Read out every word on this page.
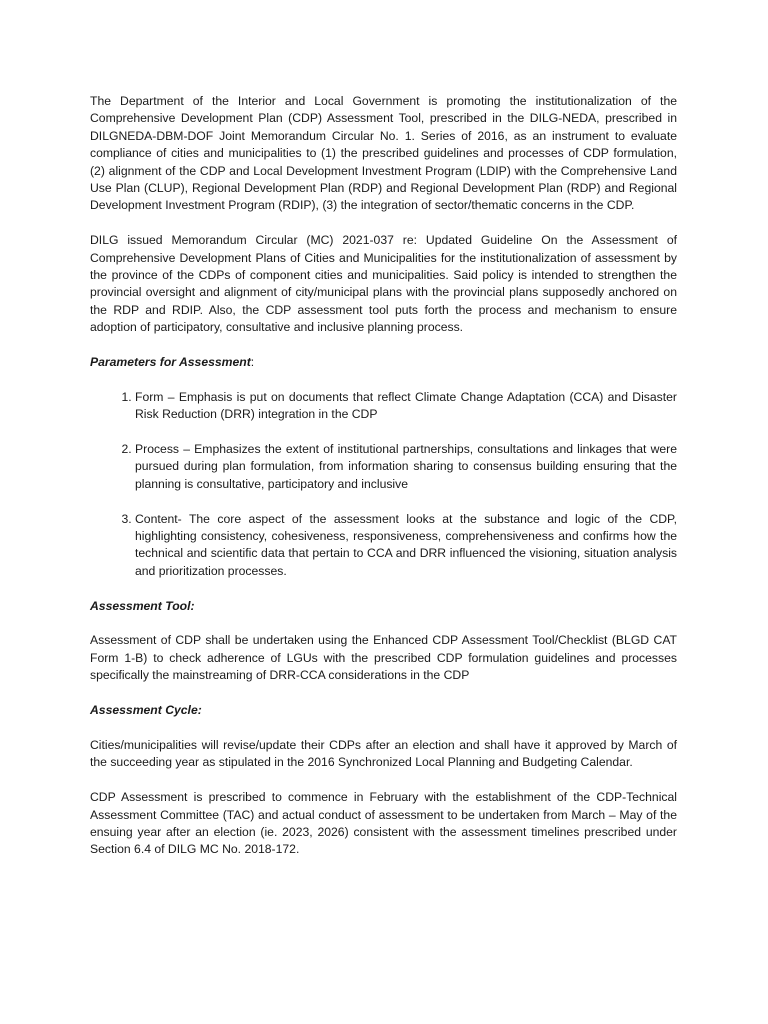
The Department of the Interior and Local Government is promoting the institutionalization of the Comprehensive Development Plan (CDP) Assessment Tool, prescribed in the DILG-NEDA, prescribed in DILGNEDA-DBM-DOF Joint Memorandum Circular No. 1. Series of 2016, as an instrument to evaluate compliance of cities and municipalities to (1) the prescribed guidelines and processes of CDP formulation, (2) alignment of the CDP and Local Development Investment Program (LDIP) with the Comprehensive Land Use Plan (CLUP), Regional Development Plan (RDP) and Regional Development Plan (RDP) and Regional Development Investment Program (RDIP), (3) the integration of sector/thematic concerns in the CDP.

DILG issued Memorandum Circular (MC) 2021-037 re: Updated Guideline On the Assessment of Comprehensive Development Plans of Cities and Municipalities for the institutionalization of assessment by the province of the CDPs of component cities and municipalities. Said policy is intended to strengthen the provincial oversight and alignment of city/municipal plans with the provincial plans supposedly anchored on the RDP and RDIP. Also, the CDP assessment tool puts forth the process and mechanism to ensure adoption of participatory, consultative and inclusive planning process.

Parameters for Assessment:
1. Form – Emphasis is put on documents that reflect Climate Change Adaptation (CCA) and Disaster Risk Reduction (DRR) integration in the CDP
2. Process – Emphasizes the extent of institutional partnerships, consultations and linkages that were pursued during plan formulation, from information sharing to consensus building ensuring that the planning is consultative, participatory and inclusive
3. Content- The core aspect of the assessment looks at the substance and logic of the CDP, highlighting consistency, cohesiveness, responsiveness, comprehensiveness and confirms how the technical and scientific data that pertain to CCA and DRR influenced the visioning, situation analysis and prioritization processes.
Assessment Tool:

Assessment of CDP shall be undertaken using the Enhanced CDP Assessment Tool/Checklist (BLGD CAT Form 1-B) to check adherence of LGUs with the prescribed CDP formulation guidelines and processes specifically the mainstreaming of DRR-CCA considerations in the CDP

Assessment Cycle:

Cities/municipalities will revise/update their CDPs after an election and shall have it approved by March of the succeeding year as stipulated in the 2016 Synchronized Local Planning and Budgeting Calendar.

CDP Assessment is prescribed to commence in February with the establishment of the CDP-Technical Assessment Committee (TAC) and actual conduct of assessment to be undertaken from March – May of the ensuing year after an election (ie. 2023, 2026) consistent with the assessment timelines prescribed under Section 6.4 of DILG MC No. 2018-172.
